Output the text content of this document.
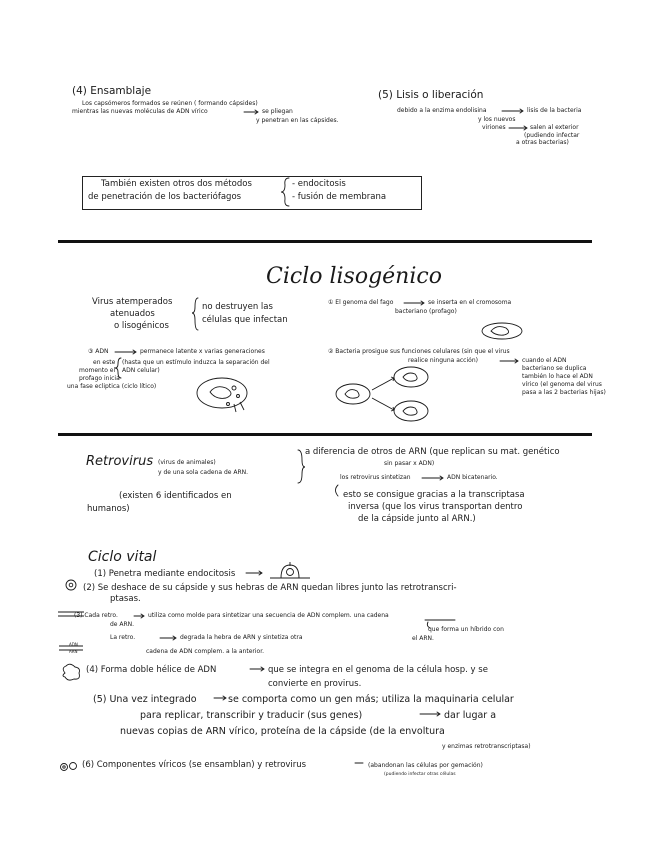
(4) Ensamblaje
Los capsómeros formados se reúnen ( formando cápsides)
mientras las nuevas moléculas de ADN vírico	se pliegan
y penetran en las cápsides.
(5) Lisis o liberación
debido a la enzima endolisina	lisis de la bacteria
y los nuevos
viriones	salen al exterior
(pudiendo infectar
a otras bacterias)
También existen otros dos métodos
de penetración de los bacteriófagos
- endocitosis
- fusión de membrana
Ciclo lisogénico
Virus atemperados
atenuados
o lisogénicos
no destruyen las
células que infectan
① El genoma del fago	se inserta en el cromosoma
bacteriano (profago)
③ ADN	permanece latente x varias generaciones
en este (hasta que un estímulo induzca la separación del
momento el ADN celular)
profago inicia
una fase ecliptica (ciclo lítico)
② Bacteria prosigue sus funciones celulares (sin que el virus
realice ninguna acción)	cuando el ADN
bacteriano se duplica
también lo hace el ADN
vírico (el genoma del virus
pasa a las 2 bacterias hijas)
Retrovirus (virus de animales)
y de una sola cadena de ARN.
(existen 6 identificados en
humanos)
a diferencia de otros de ARN (que replican su mat. genético
sin pasar x ADN)
los retrovirus sintetizan	ADN bicatenario.
esto se consigue gracias a la transcriptasa
inversa (que los virus transportan dentro
de la cápside junto al ARN.)
Ciclo vital
(1) Penetra mediante endocitosis
(2) Se deshace de su cápside y sus hebras de ARN quedan libres junto las retrotranscri-
ptasas.
(3) Cada retro.	utiliza como molde para sintetizar una secuencia de ADN complem. una cadena
de ARN.
que forma un híbrido con
La retro.	degrada la hebra de ARN y sintetiza otra	el ARN.
cadena de ADN complem. a la anterior.
ADN
ARN
(4) Forma doble hélice de ADN	que se integra en el genoma de la célula hosp. y se
convierte en provirus.
(5) Una vez integrado	se comporta como un gen más; utiliza la maquinaria celular
para replicar, transcribir y traducir (sus genes)	dar lugar a
nuevas copias de ARN vírico, proteína de la cápside (de la envoltura
y enzimas retrotranscriptasa)
(6) Componentes víricos (se ensamblan) y retrovirus	(abandonan las células por gemación)
(pudiendo infectar otras células
